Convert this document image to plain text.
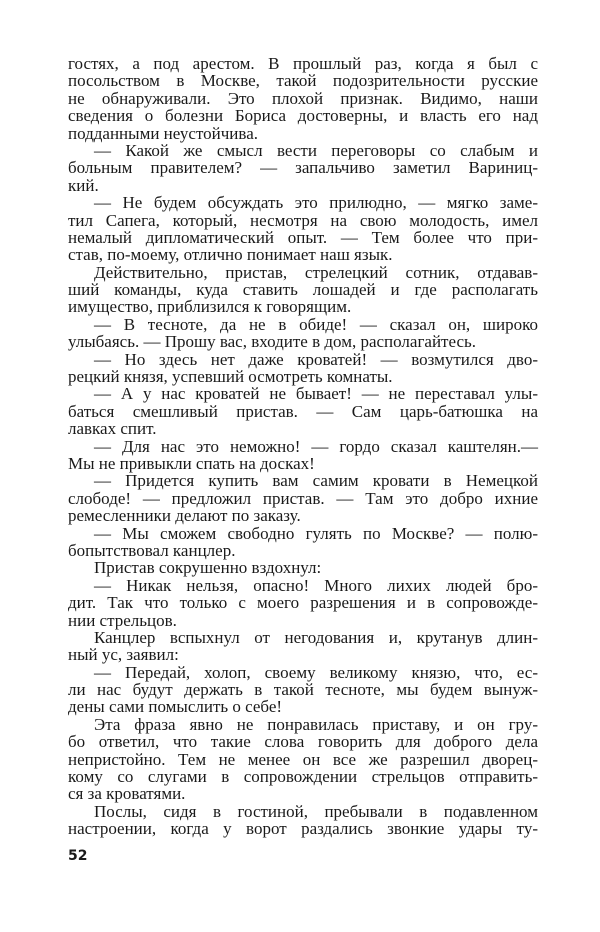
гостях, а под арестом. В прошлый раз, когда я был с
посольством в Москве, такой подозрительности русские
не обнаруживали. Это плохой признак. Видимо, наши
сведения о болезни Бориса достоверны, и власть его над
подданными неустойчива.
— Какой же смысл вести переговоры со слабым и
больным правителем? — запальчиво заметил Вариниц-
кий.
— Не будем обсуждать это прилюдно, — мягко заме-
тил Сапега, который, несмотря на свою молодость, имел
немалый дипломатический опыт. — Тем более что при-
став, по-моему, отлично понимает наш язык.
Действительно, пристав, стрелецкий сотник, отдавав-
ший команды, куда ставить лошадей и где располагать
имущество, приблизился к говорящим.
— В тесноте, да не в обиде! — сказал он, широко
улыбаясь. — Прошу вас, входите в дом, располагайтесь.
— Но здесь нет даже кроватей! — возмутился дво-
рецкий князя, успевший осмотреть комнаты.
— А у нас кроватей не бывает! — не переставал улы-
баться смешливый пристав. — Сам царь-батюшка на
лавках спит.
— Для нас это неможно! — гордо сказал каштелян.—
Мы не привыкли спать на досках!
— Придется купить вам самим кровати в Немецкой
слободе! — предложил пристав. — Там это добро ихние
ремесленники делают по заказу.
— Мы сможем свободно гулять по Москве? — полю-
бопытствовал канцлер.
Пристав сокрушенно вздохнул:
— Никак нельзя, опасно! Много лихих людей бро-
дит. Так что только с моего разрешения и в сопровожде-
нии стрельцов.
Канцлер вспыхнул от негодования и, крутанув длин-
ный ус, заявил:
— Передай, холоп, своему великому князю, что, ес-
ли нас будут держать в такой тесноте, мы будем вынуж-
дены сами помыслить о себе!
Эта фраза явно не понравилась приставу, и он гру-
бо ответил, что такие слова говорить для доброго дела
непристойно. Тем не менее он все же разрешил дворец-
кому со слугами в сопровождении стрельцов отправить-
ся за кроватями.
Послы, сидя в гостиной, пребывали в подавленном
настроении, когда у ворот раздались звонкие удары ту-
52
